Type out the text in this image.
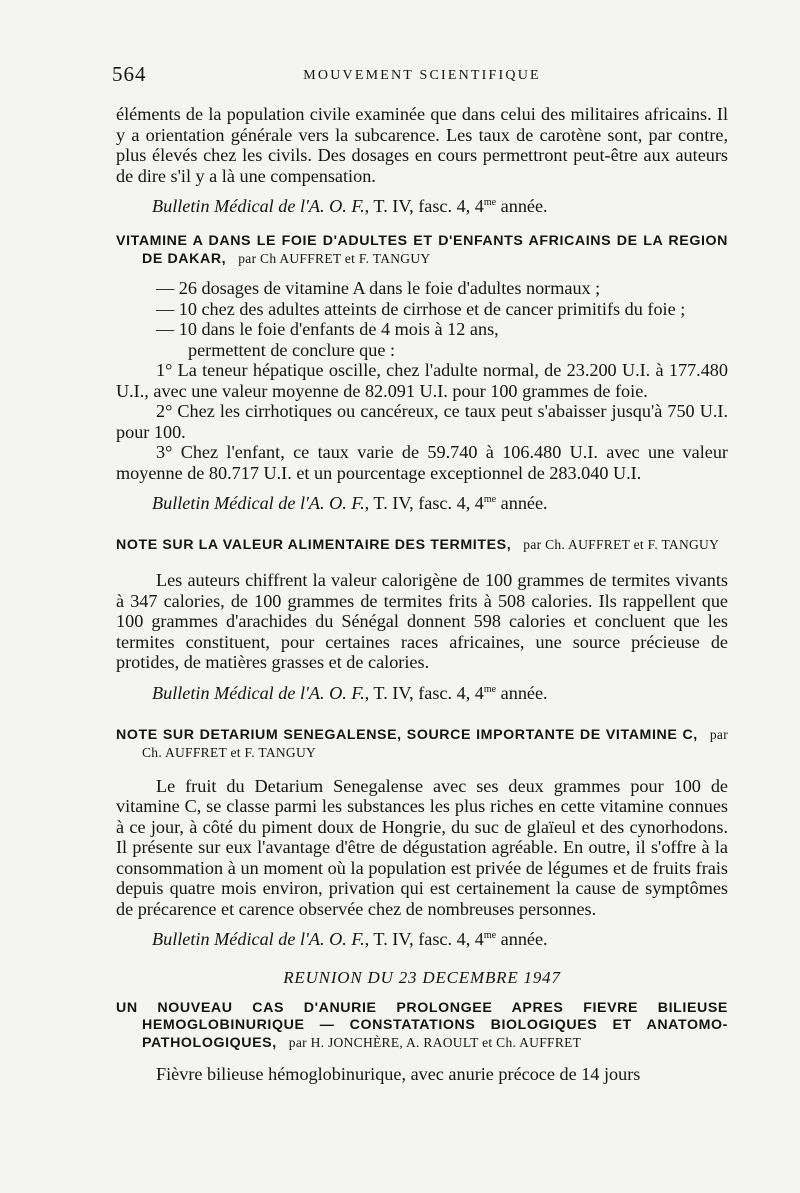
564	MOUVEMENT SCIENTIFIQUE

éléments de la population civile examinée que dans celui des militaires africains. Il y a orientation générale vers la subcarence. Les taux de carotène sont, par contre, plus élevés chez les civils. Des dosages en cours permettront peut-être aux auteurs de dire s'il y a là une compensation.

Bulletin Médical de l'A. O. F., T. IV, fasc. 4, $4^{me}$ année.
VITAMINE A DANS LE FOIE D'ADULTES ET D'ENFANTS AFRICAINS DE LA REGION DE DAKAR, par Ch AUFFRET et F. TANGUY

— 26 dosages de vitamine A dans le foie d'adultes normaux ;

— 10 chez des adultes atteints de cirrhose et de cancer primitifs du foie ;

— 10 dans le foie d'enfants de 4 mois à 12 ans,

permettent de conclure que :

1° La teneur hépatique oscille, chez l'adulte normal, de 23.200 U.I. à 177.480 U.I., avec une valeur moyenne de 82.091 U.I. pour 100 grammes de foie.

2° Chez les cirrhotiques ou cancéreux, ce taux peut s'abaisser jusqu'à 750 U.I. pour 100.

3° Chez l'enfant, ce taux varie de 59.740 à 106.480 U.I. avec une valeur moyenne de 80.717 U.I. et un pourcentage exceptionnel de 283.040 U.I.

Bulletin Médical de l'A. O. F., T. IV, fasc. 4, $4^{me}$ année.
NOTE SUR LA VALEUR ALIMENTAIRE DES TERMITES, par Ch. AUFFRET et F. TANGUY

Les auteurs chiffrent la valeur calorigène de 100 grammes de termites vivants à 347 calories, de 100 grammes de termites frits à 508 calories. Ils rappellent que 100 grammes d'arachides du Sénégal donnent 598 calories et concluent que les termites constituent, pour certaines races africaines, une source précieuse de protides, de matières grasses et de calories.

Bulletin Médical de l'A. O. F., T. IV, fasc. 4, $4^{me}$ année.
NOTE SUR DETARIUM SENEGALENSE, SOURCE IMPORTANTE DE VITAMINE C, par Ch. AUFFRET et F. TANGUY

Le fruit du Detarium Senegalense avec ses deux grammes pour 100 de vitamine C, se classe parmi les substances les plus riches en cette vitamine connues à ce jour, à côté du piment doux de Hongrie, du suc de glaïeul et des cynorhodons. Il présente sur eux l'avantage d'être de dégustation agréable. En outre, il s'offre à la consommation à un moment où la population est privée de légumes et de fruits frais depuis quatre mois environ, privation qui est certainement la cause de symptômes de précarence et carence observée chez de nombreuses personnes.

Bulletin Médical de l'A. O. F., T. IV, fasc. 4, $4^{me}$ année.
REUNION DU 23 DECEMBRE 1947
UN NOUVEAU CAS D'ANURIE PROLONGEE APRES FIEVRE BILIEUSE HEMOGLOBINURIQUE — CONSTATATIONS BIOLOGIQUES ET ANATOMO-PATHOLOGIQUES, par H. JONCHÈRE, A. RAOULT et Ch. AUFFRET

Fièvre bilieuse hémoglobinurique, avec anurie précoce de 14 jours
